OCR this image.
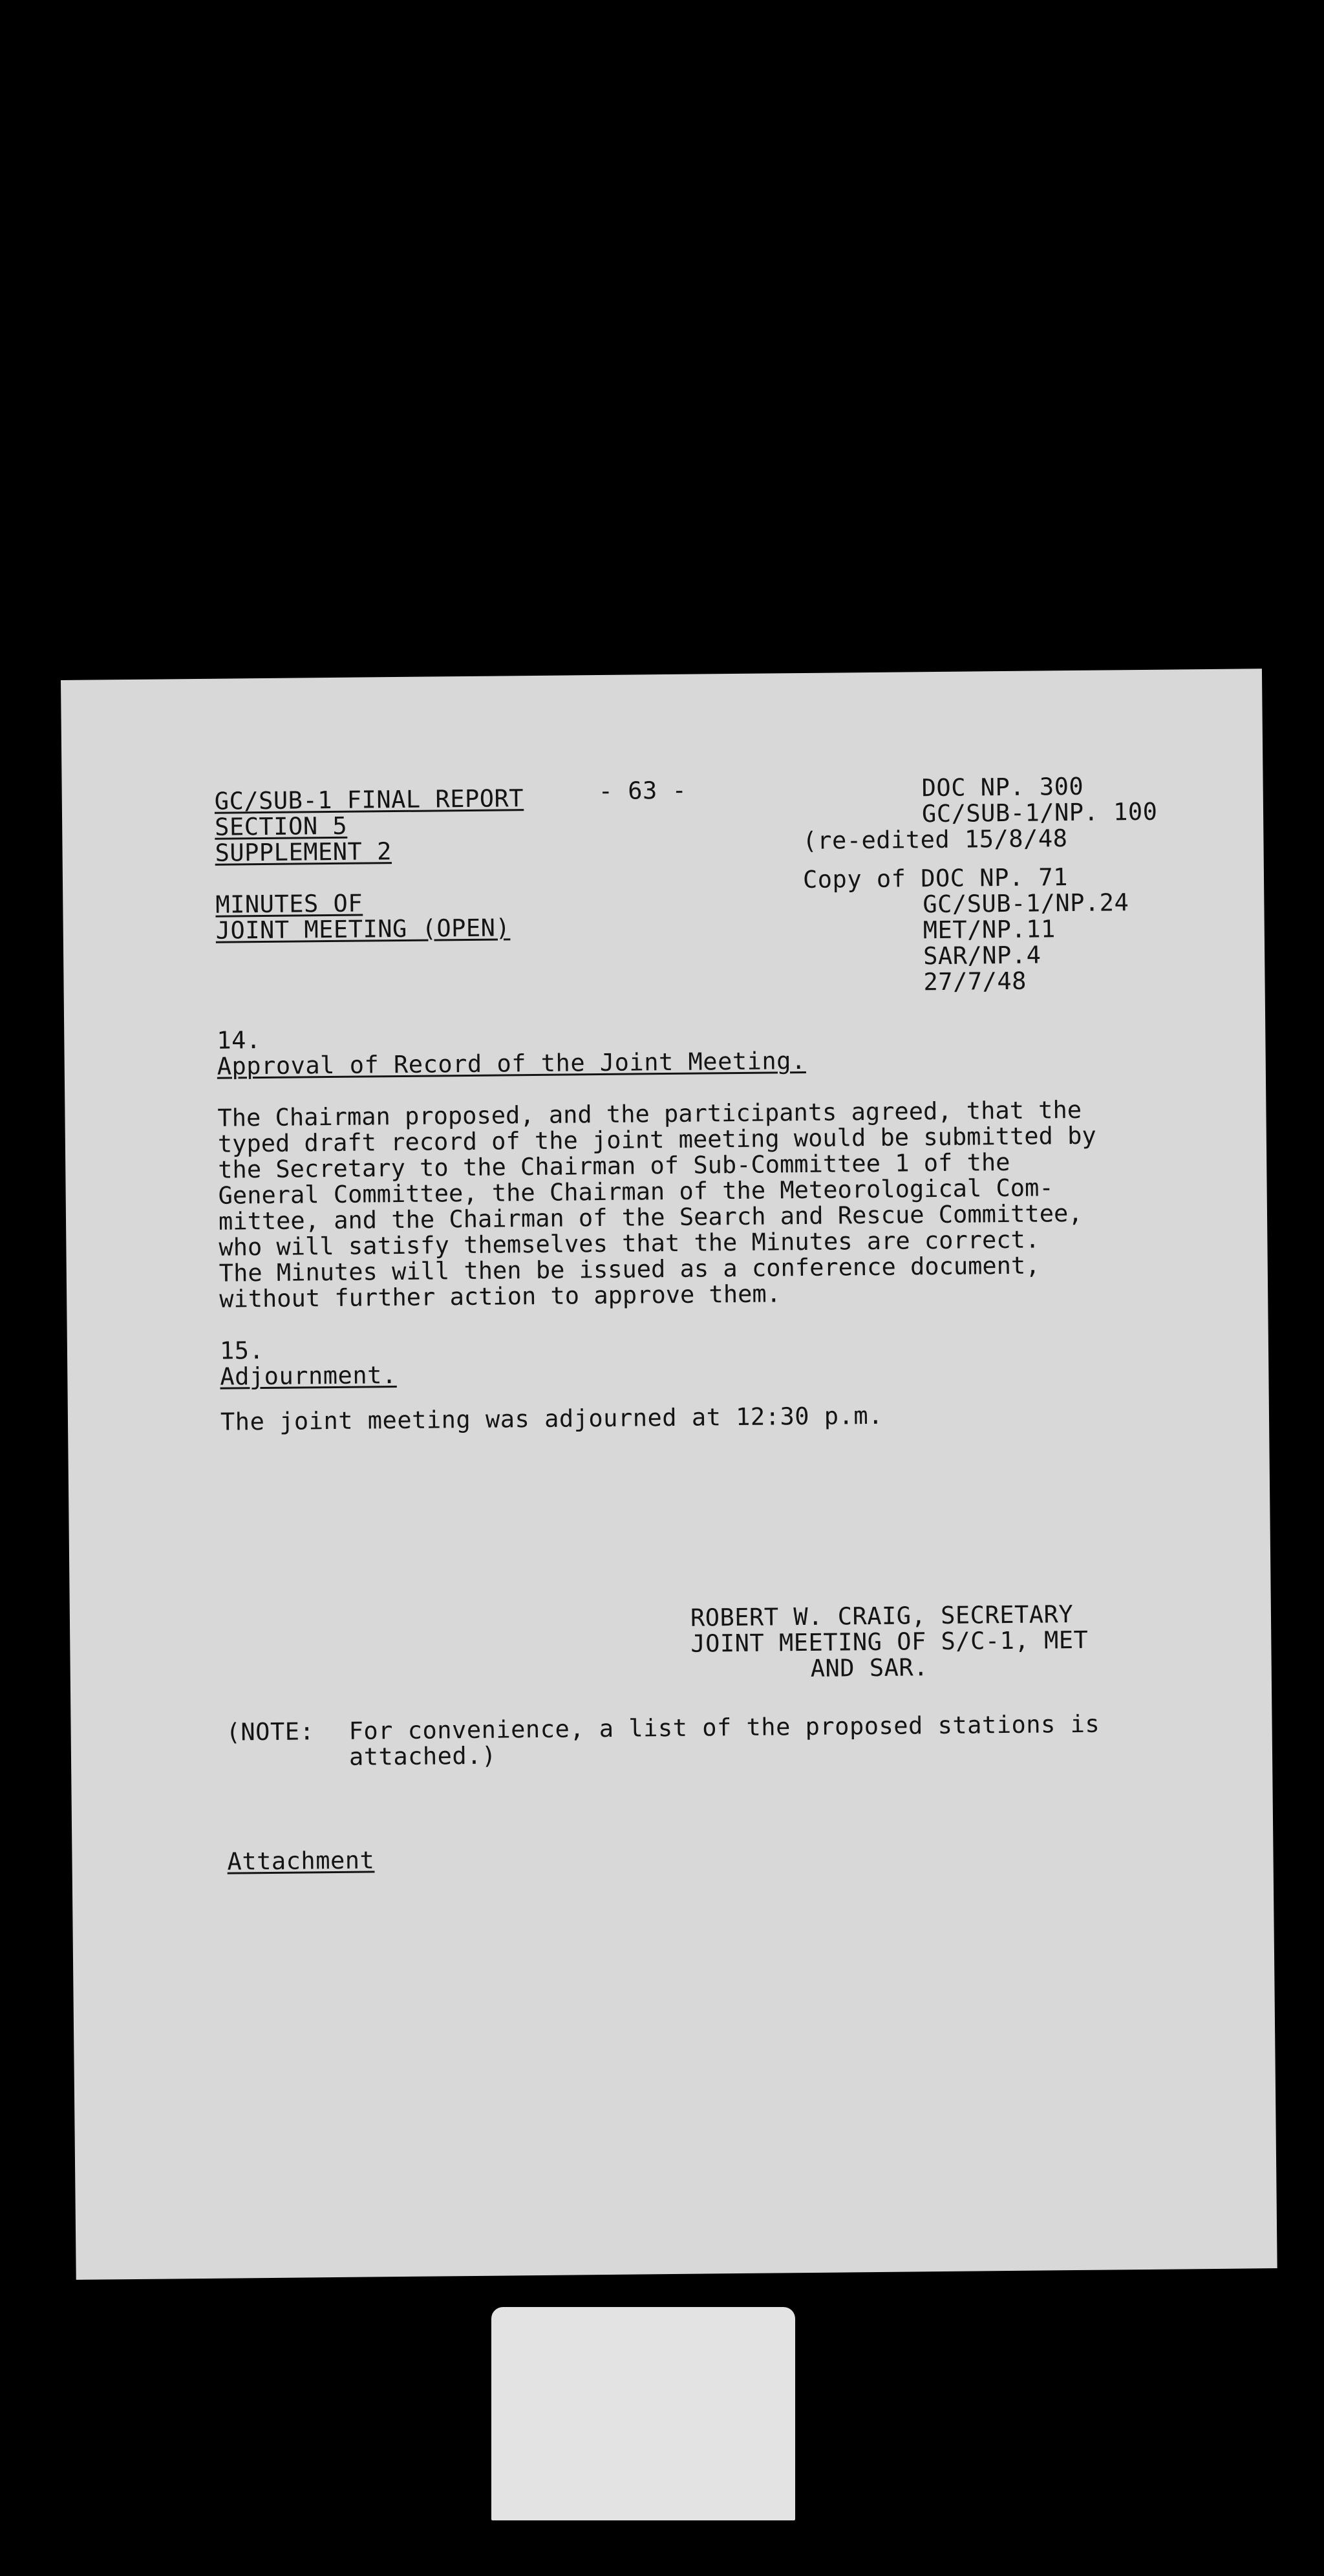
GC/SUB-1 FINAL REPORT
SECTION 5
SUPPLEMENT 2
- 63 -	DOC NP. 300
GC/SUB-1/NP. 100
(re-edited 15/8/48
MINUTES OF
JOINT MEETING (OPEN)
Copy of DOC NP. 71
GC/SUB-1/NP.24
MET/NP.11
SAR/NP.4
27/7/48
14.
Approval of Record of the Joint Meeting.
The Chairman proposed, and the participants agreed, that the
typed draft record of the joint meeting would be submitted by
the Secretary to the Chairman of Sub-Committee 1 of the
General Committee, the Chairman of the Meteorological Com-
mittee, and the Chairman of the Search and Rescue Committee,
who will satisfy themselves that the Minutes are correct.
The Minutes will then be issued as a conference document,
without further action to approve them.
15.
Adjournment.
The joint meeting was adjourned at 12:30 p.m.
ROBERT W. CRAIG, SECRETARY
JOINT MEETING OF S/C-1, MET
AND SAR.
(NOTE: For convenience, a list of the proposed stations is
attached.)
Attachment
